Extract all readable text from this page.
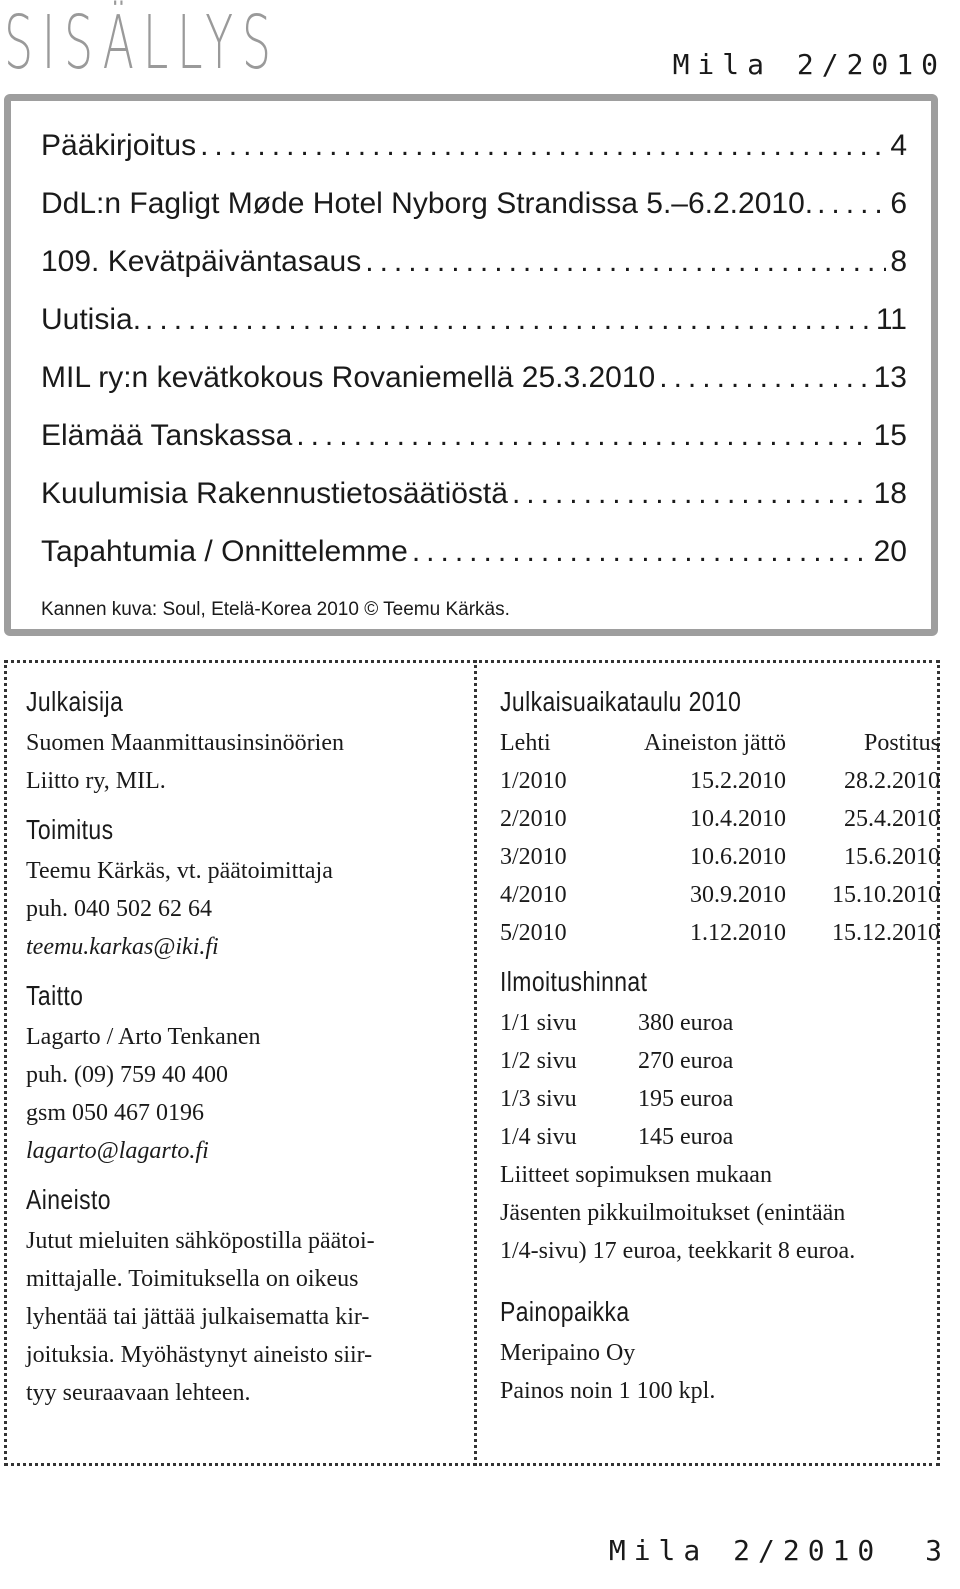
SISÄLLYS	Mila 2/2010
Pääkirjoitus .....	4
DdL:n Fagligt Møde Hotel Nyborg Strandissa 5.–6.2.2010. .....	6
109. Kevätpäiväntasaus .....	8
Uutisia. .....	11
MIL ry:n kevätkokous Rovaniemellä 25.3.2010 .....	13
Elämää Tanskassa .....	15
Kuulumisia Rakennustietosäätiöstä .....	18
Tapahtumia / Onnittelemme .....	20
Kannen kuva: Soul, Etelä-Korea 2010 © Teemu Kärkäs.
Julkaisija
Suomen Maanmittausinsinöörien
Liitto ry, MIL.
Toimitus
Teemu Kärkäs, vt. päätoimittaja
puh. 040 502 62 64
teemu.karkas@iki.fi
Taitto
Lagarto / Arto Tenkanen
puh. (09) 759 40 400
gsm 050 467 0196
lagarto@lagarto.fi
Aineisto
Jutut mieluiten sähköpostilla päätoi-
mittajalle. Toimituksella on oikeus
lyhentää tai jättää julkaisematta kir-
joituksia. Myöhästynyt aineisto siir-
tyy seuraavaan lehteen.
Julkaisuaikataulu 2010
Lehti	Aineiston jättö	Postitus
1/2010	15.2.2010	28.2.2010
2/2010	10.4.2010	25.4.2010
3/2010	10.6.2010	15.6.2010
4/2010	30.9.2010	15.10.2010
5/2010	1.12.2010	15.12.2010
Ilmoitushinnat
1/1 sivu	380 euroa
1/2 sivu	270 euroa
1/3 sivu	195 euroa
1/4 sivu	145 euroa
Liitteet sopimuksen mukaan
Jäsenten pikkuilmoitukset (enintään
1/4-sivu) 17 euroa, teekkarit 8 euroa.
Painopaikka
Meripaino Oy
Painos noin 1 100 kpl.
Mila 2/2010 3
